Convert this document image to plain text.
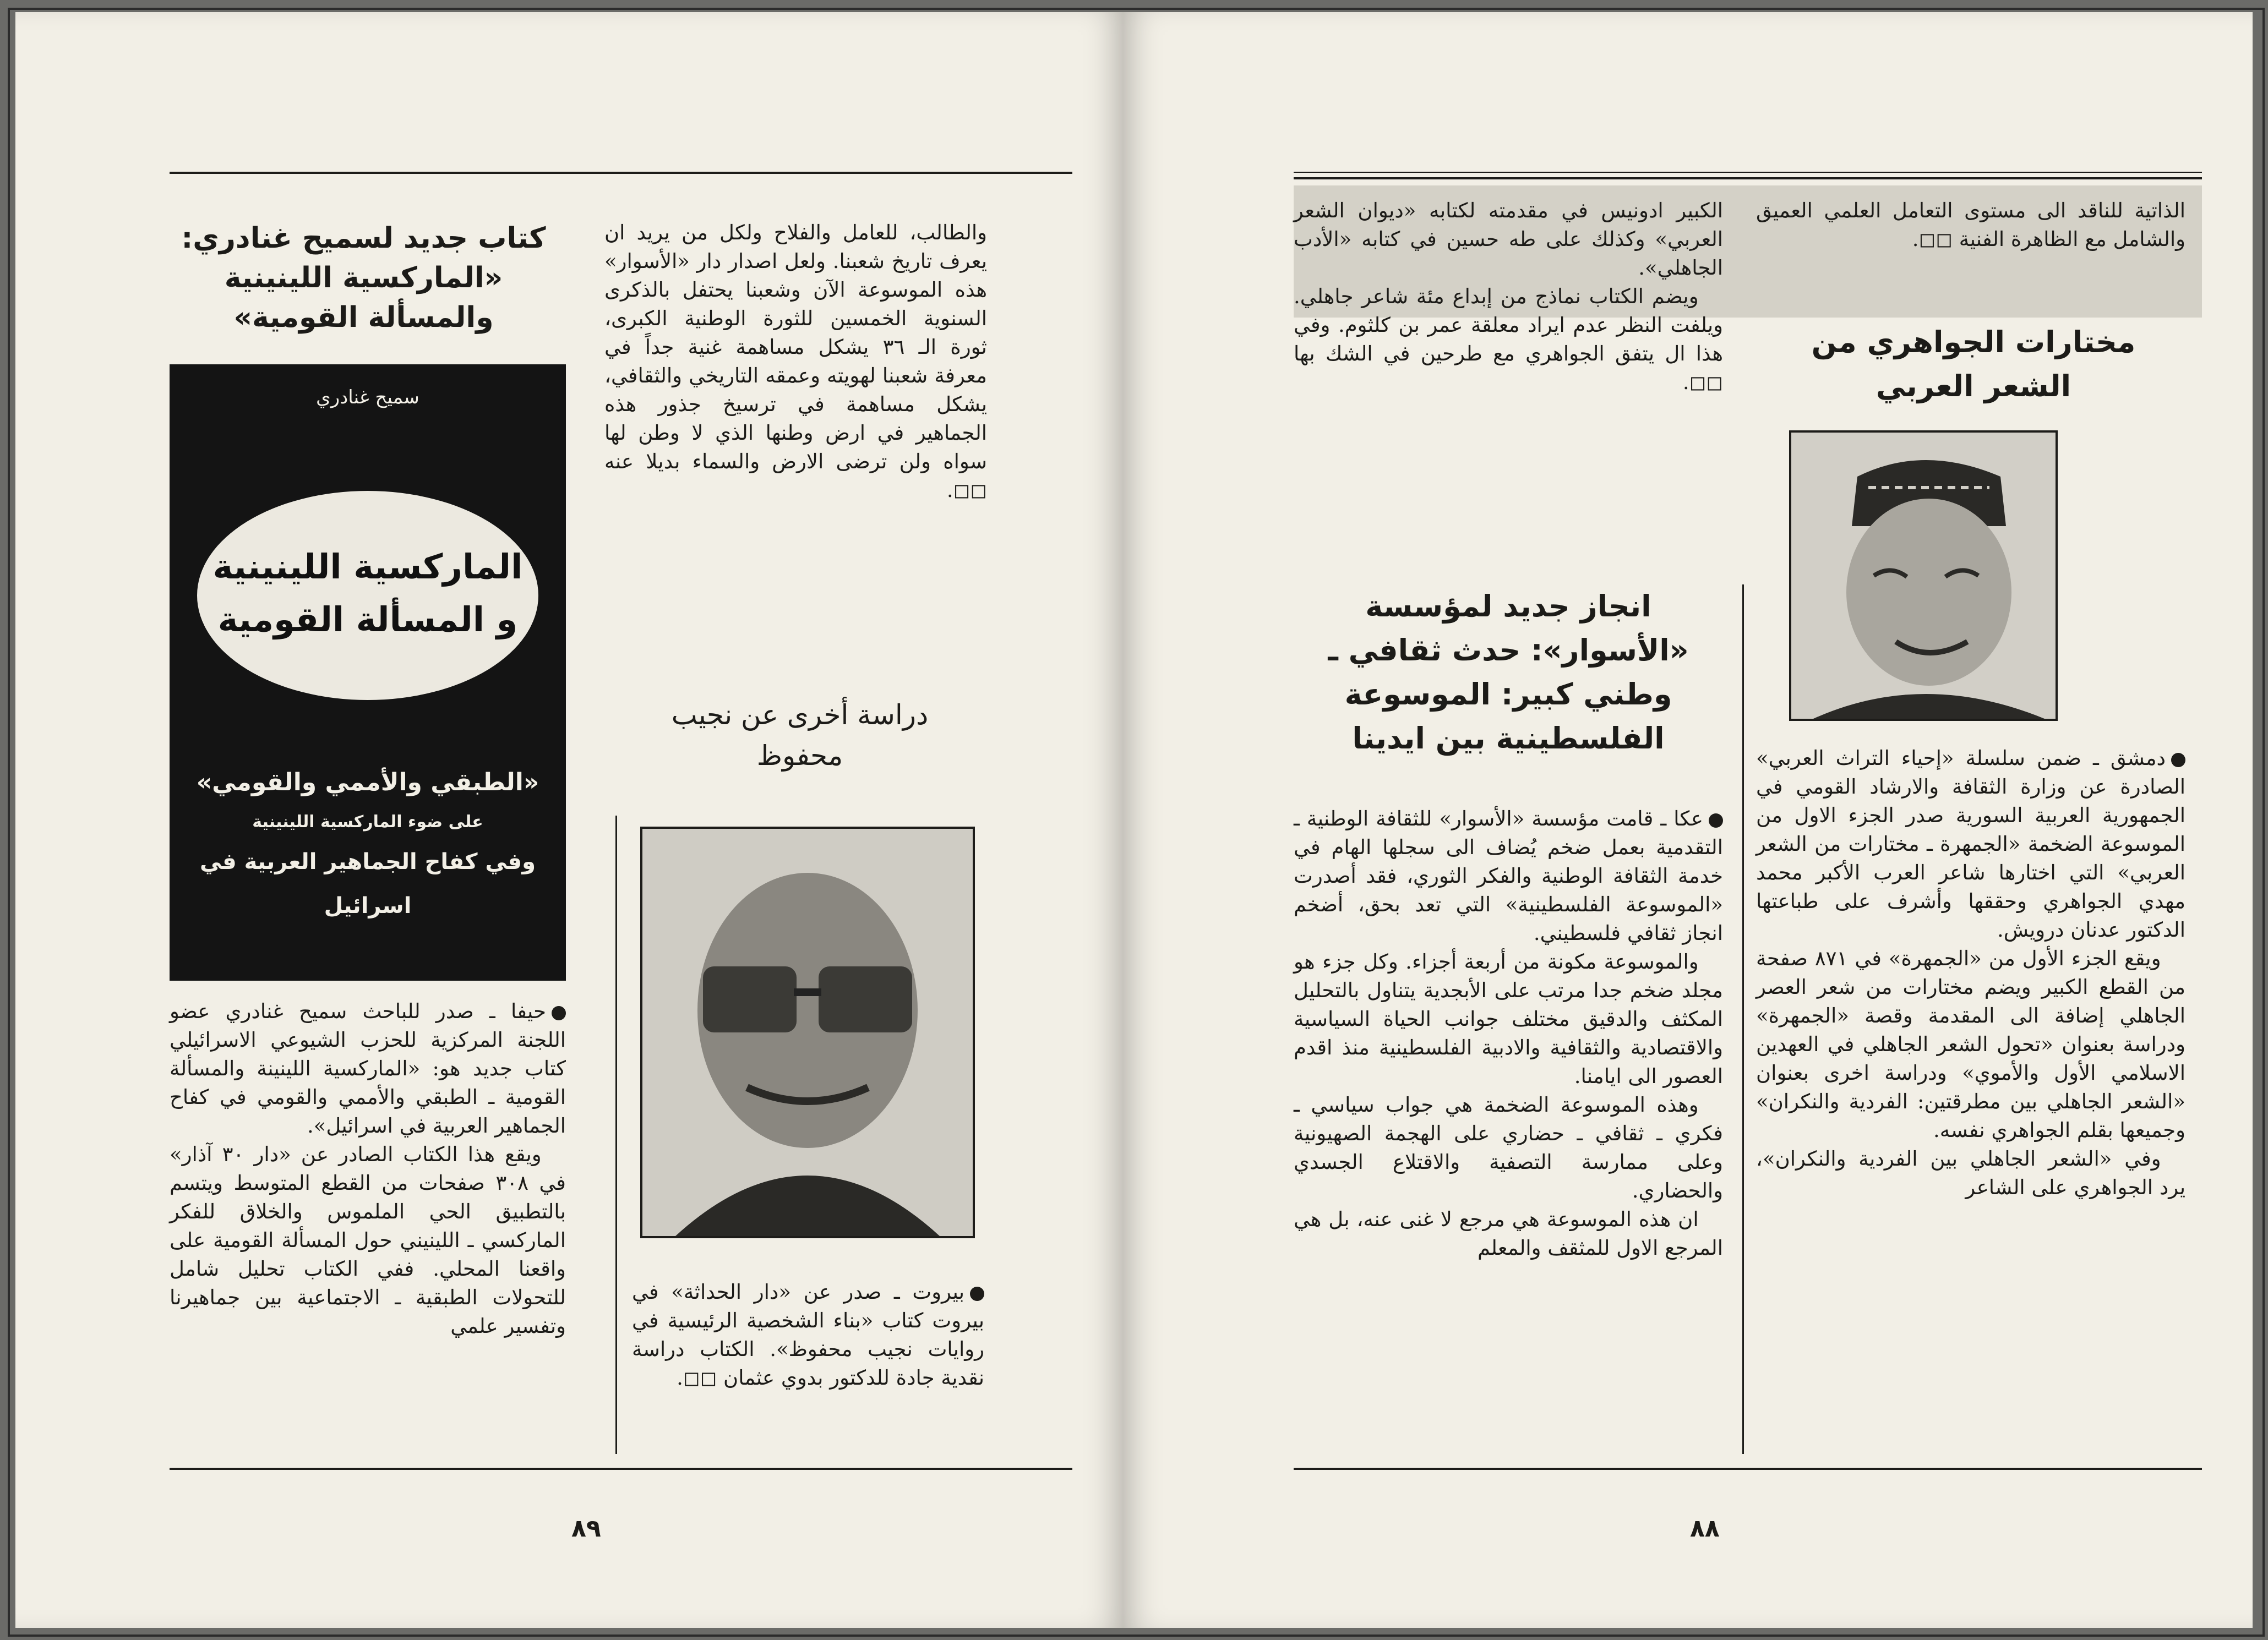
كتاب جديد لسميح غنادري: «الماركسية اللينينية والمسألة القومية»
سميح غنادري
الماركسية اللينينية
و المسألة القومية
«الطبقي والأممي والقومي»
على ضوء الماركسية اللينينية
وفي كفاح الجماهير العربية في اسرائيل

حيفا ـ صدر للباحث سميح غنادري عضو اللجنة المركزية للحزب الشيوعي الاسرائيلي كتاب جديد هو: «الماركسية اللينينة والمسألة القومية ـ الطبقي والأممي والقومي في كفاح الجماهير العربية في اسرائيل».

ويقع هذا الكتاب الصادر عن «دار ٣٠ آذار» في ٣٠٨ صفحات من القطع المتوسط ويتسم بالتطبيق الحي الملموس والخلاق للفكر الماركسي ـ اللينيني حول المسألة القومية على واقعنا المحلي. ففي الكتاب تحليل شامل للتحولات الطبقية ـ الاجتماعية بين جماهيرنا وتفسير علمي

والطالب، للعامل والفلاح ولكل من يريد ان يعرف تاريخ شعبنا. ولعل اصدار دار «الأسوار» هذه الموسوعة الآن وشعبنا يحتفل بالذكرى السنوية الخمسين للثورة الوطنية الكبرى، ثورة الـ ٣٦ يشكل مساهمة غنية جداً في معرفة شعبنا لهويته وعمقه التاريخي والثقافي، يشكل مساهمة في ترسيخ جذور هذه الجماهير في ارض وطنها الذي لا وطن لها سواه ولن ترضى الارض والسماء بديلا عنه ◻◻.

دراسة أخرى عن نجيب محفوظ

بيروت ـ صدر عن «دار الحداثة» في بيروت كتاب «بناء الشخصية الرئيسية في روايات نجيب محفوظ». الكتاب دراسة نقدية جادة للدكتور بدوي عثمان ◻◻.

٨٩

الذاتية للناقد الى مستوى التعامل العلمي العميق والشامل مع الظاهرة الفنية ◻◻.

مختارات الجواهري من الشعر العربي

دمشق ـ ضمن سلسلة «إحياء التراث العربي» الصادرة عن وزارة الثقافة والارشاد القومي في الجمهورية العربية السورية صدر الجزء الاول من الموسوعة الضخمة «الجمهرة ـ مختارات من الشعر العربي» التي اختارها شاعر العرب الأكبر محمد مهدي الجواهري وحققها وأشرف على طباعتها الدكتور عدنان درويش.

ويقع الجزء الأول من «الجمهرة» في ٨٧١ صفحة من القطع الكبير ويضم مختارات من شعر العصر الجاهلي إضافة الى المقدمة وقصة «الجمهرة» ودراسة بعنوان «تحول الشعر الجاهلي في العهدين الاسلامي الأول والأموي» ودراسة اخرى بعنوان «الشعر الجاهلي بين مطرقتين: الفردية والنكران» وجميعها بقلم الجواهري نفسه.

وفي «الشعر الجاهلي بين الفردية والنكران»، يرد الجواهري على الشاعر

الكبير ادونيس في مقدمته لكتابه «ديوان الشعر العربي» وكذلك على طه حسين في كتابه «الأدب الجاهلي».

ويضم الكتاب نماذج من إبداع مئة شاعر جاهلي. ويلفت النظر عدم ايراد معلقة عمر بن كلثوم. وفي هذا ال يتفق الجواهري مع طرحين في الشك بها ◻◻.

انجاز جديد لمؤسسة «الأسوار»: حدث ثقافي ـ وطني كبير: الموسوعة الفلسطينية بين ايدينا

عكا ـ قامت مؤسسة «الأسوار» للثقافة الوطنية ـ التقدمية بعمل ضخم يُضاف الى سجلها الهام في خدمة الثقافة الوطنية والفكر الثوري، فقد أصدرت «الموسوعة الفلسطينية» التي تعد بحق، أضخم انجاز ثقافي فلسطيني.

والموسوعة مكونة من أربعة أجزاء. وكل جزء هو مجلد ضخم جدا مرتب على الأبجدية يتناول بالتحليل المكثف والدقيق مختلف جوانب الحياة السياسية والاقتصادية والثقافية والادبية الفلسطينية منذ اقدم العصور الى ايامنا.

وهذه الموسوعة الضخمة هي جواب سياسي ـ فكري ـ ثقافي ـ حضاري على الهجمة الصهيونية وعلى ممارسة التصفية والاقتلاع الجسدي والحضاري.

ان هذه الموسوعة هي مرجع لا غنى عنه، بل هي المرجع الاول للمثقف والمعلم

٨٨
